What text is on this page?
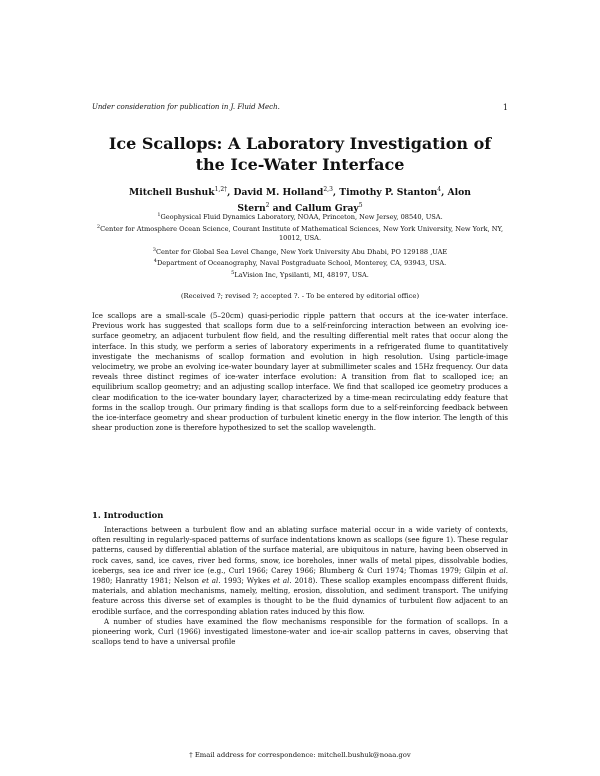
Under consideration for publication in J. Fluid Mech.	1
Ice Scallops: A Laboratory Investigation of
the Ice-Water Interface
Mitchell Bushuk$^{1,2\dagger}$, David M. Holland$^{2,3}$, Timothy P. Stanton$^4$, Alon
Stern$^2$ and Callum Gray$^5$

$^1$Geophysical Fluid Dynamics Laboratory, NOAA, Princeton, New Jersey, 08540, USA.

$^2$Center for Atmosphere Ocean Science, Courant Institute of Mathematical Sciences, New York University, New York, NY, 10012, USA.

$^3$Center for Global Sea Level Change, New York University Abu Dhabi, PO 129188 ,UAE

$^4$Department of Oceanography, Naval Postgraduate School, Monterey, CA, 93943, USA.

$^5$LaVision Inc, Ypsilanti, MI, 48197, USA.

(Received ?; revised ?; accepted ?. - To be entered by editorial office)
Ice scallops are a small-scale (5–20cm) quasi-periodic ripple pattern that occurs at the ice-water interface. Previous work has suggested that scallops form due to a self-reinforcing interaction between an evolving ice-surface geometry, an adjacent turbulent flow field, and the resulting differential melt rates that occur along the interface. In this study, we perform a series of laboratory experiments in a refrigerated flume to quantitatively investigate the mechanisms of scallop formation and evolution in high resolution. Using particle-image velocimetry, we probe an evolving ice-water boundary layer at submillimeter scales and 15Hz frequency. Our data reveals three distinct regimes of ice-water interface evolution: A transition from flat to scalloped ice; an equilibrium scallop geometry; and an adjusting scallop interface. We find that scalloped ice geometry produces a clear modification to the ice-water boundary layer, characterized by a time-mean recirculating eddy feature that forms in the scallop trough. Our primary finding is that scallops form due to a self-reinforcing feedback between the ice-interface geometry and shear production of turbulent kinetic energy in the flow interior. The length of this shear production zone is therefore hypothesized to set the scallop wavelength.
1. Introduction

Interactions between a turbulent flow and an ablating surface material occur in a wide variety of contexts, often resulting in regularly-spaced patterns of surface indentations known as scallops (see figure 1). These regular patterns, caused by differential ablation of the surface material, are ubiquitous in nature, having been observed in rock caves, sand, ice caves, river bed forms, snow, ice boreholes, inner walls of metal pipes, dissolvable bodies, icebergs, sea ice and river ice (e.g., Curl 1966; Carey 1966; Blumberg & Curl 1974; Thomas 1979; Gilpin et al. 1980; Hanratty 1981; Nelson et al. 1993; Wykes et al. 2018). These scallop examples encompass different fluids, materials, and ablation mechanisms, namely, melting, erosion, dissolution, and sediment transport. The unifying feature across this diverse set of examples is thought to be the fluid dynamics of turbulent flow adjacent to an erodible surface, and the corresponding ablation rates induced by this flow.

A number of studies have examined the flow mechanisms responsible for the formation of scallops. In a pioneering work, Curl (1966) investigated limestone-water and ice-air scallop patterns in caves, observing that scallops tend to have a universal profile

† Email address for correspondence: mitchell.bushuk@noaa.gov
